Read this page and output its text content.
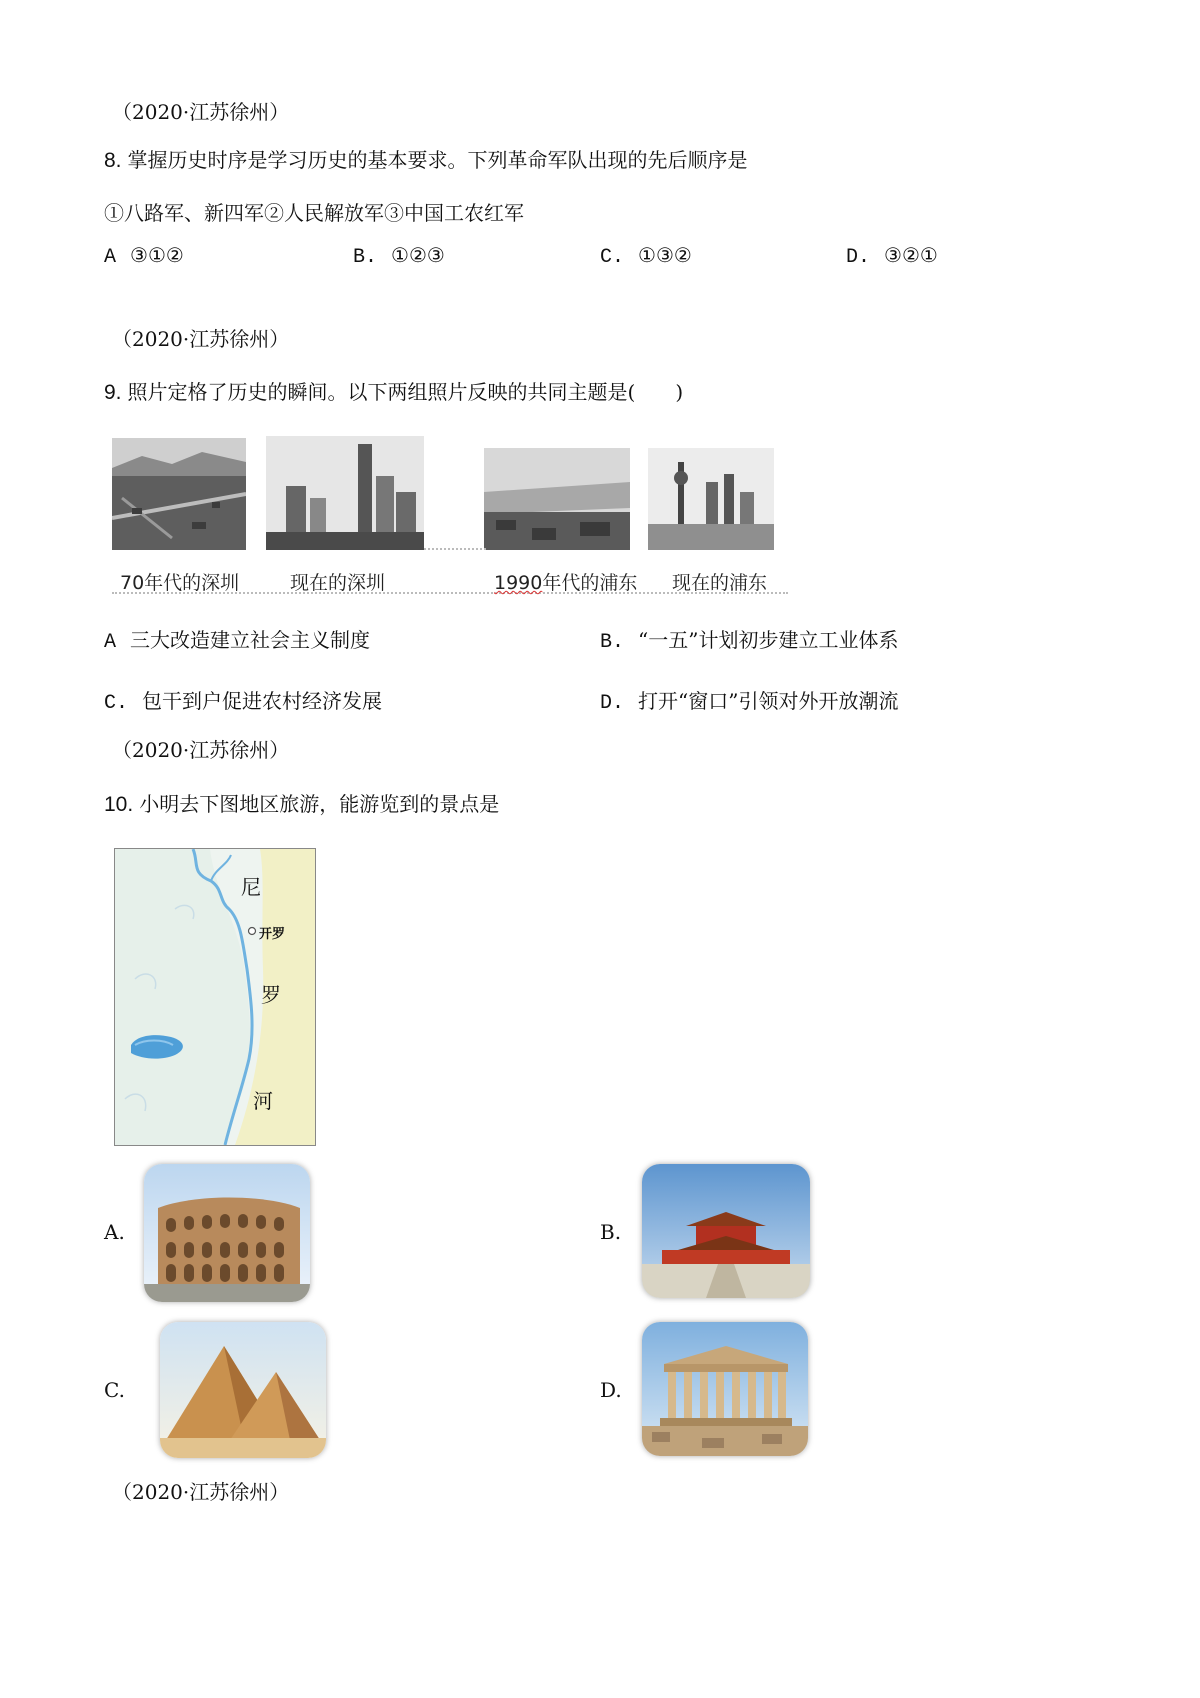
（2020·江苏徐州）
8. 掌握历史时序是学习历史的基本要求。下列革命军队出现的先后顺序是
①八路军、新四军②人民解放军③中国工农红军
A ③①②	B. ①②③	C. ①③②	D. ③②①
（2020·江苏徐州）
9. 照片定格了历史的瞬间。以下两组照片反映的共同主题是(　　)
70年代的深圳	现在的深圳	1990年代的浦东 现在的浦东
A 三大改造建立社会主义制度	B. “一五”计划初步建立工业体系
C. 包干到户促进农村经济发展	D. 打开“窗口”引领对外开放潮流
（2020·江苏徐州）
10. 小明去下图地区旅游，能游览到的景点是
尼
开罗
罗
河
A.	B.
C.	D.
（2020·江苏徐州）
